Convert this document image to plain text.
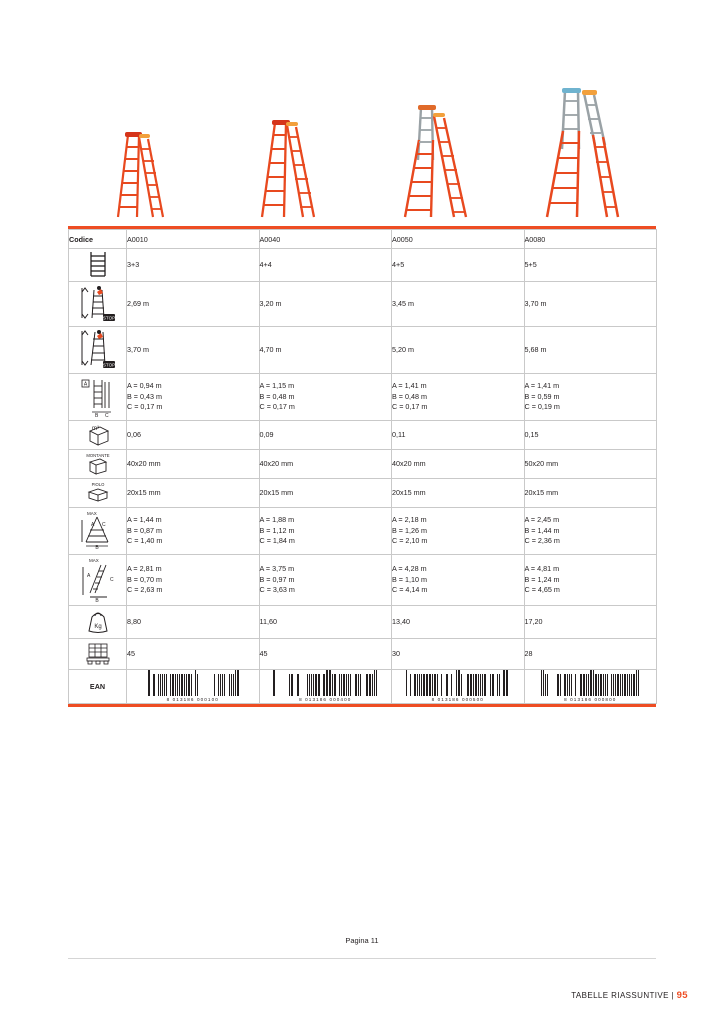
Codice	A0010	A0040	A0050	A0080

3+3	4+4	4+5	5+5

STOP	2,69 m	3,20 m	3,45 m	3,70 m

STOP	3,70 m	4,70 m	5,20 m	5,68 m

A
B C	A = 0,94 m
B = 0,43 m
C = 0,17 m	A = 1,15 m
B = 0,48 m
C = 0,17 m	A = 1,41 m
B = 0,48 m
C = 0,17 m	A = 1,41 m
B = 0,59 m
C = 0,19 m

m³	0,06	0,09	0,11	0,15

MONTANTE	40x20 mm	40x20 mm	40x20 mm	50x20 mm

PIOLO	20x15 mm	20x15 mm	20x15 mm	20x15 mm

MAX
A C
B	A = 1,44 m
B = 0,87 m
C = 1,40 m	A = 1,88 m
B = 1,12 m
C = 1,84 m	A = 2,18 m
B = 1,26 m
C = 2,10 m	A = 2,45 m
B = 1,44 m
C = 2,36 m

MAX
A
C
B	A = 2,81 m
B = 0,70 m
C = 2,63 m	A = 3,75 m
B = 0,97 m
C = 3,63 m	A = 4,28 m
B = 1,10 m
C = 4,14 m	A = 4,81 m
B = 1,24 m
C = 4,65 m

Kg	8,80	11,60	13,40	17,20

45	45	30	28

EAN	8 013186 000100	8 013186 000400	8 013186 000500	8 013186 000800
Pagina 11
TABELLE RIASSUNTIVE | 95
